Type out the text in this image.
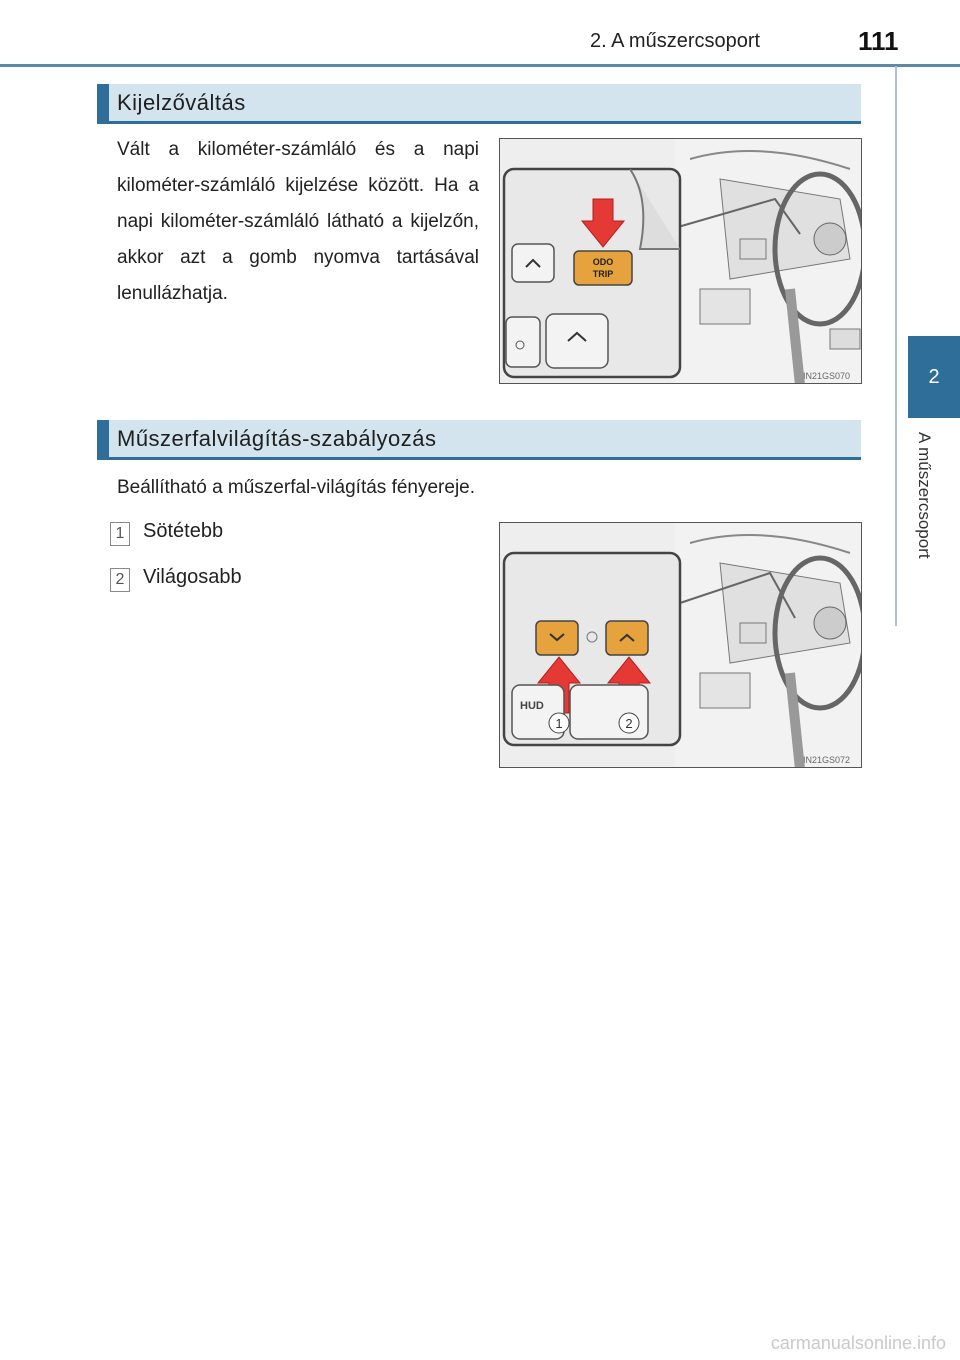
2. A műszercsoport	111
2
A műszercsoport
Kijelzőváltás
Vált a kilométer-számláló és a napi kilométer-számláló kijelzése között. Ha a napi kilométer-számláló látható a kijelzőn, akkor azt a gomb nyomva tartásával lenullázhatja.
ODO
TRIP
IN21GS070
Műszerfalvilágítás-szabályozás
Beállítható a műszerfal-világítás fényereje.
1 Sötétebb
2 Világosabb
HUD
1	2
IN21GS072
carmanualsonline.info
